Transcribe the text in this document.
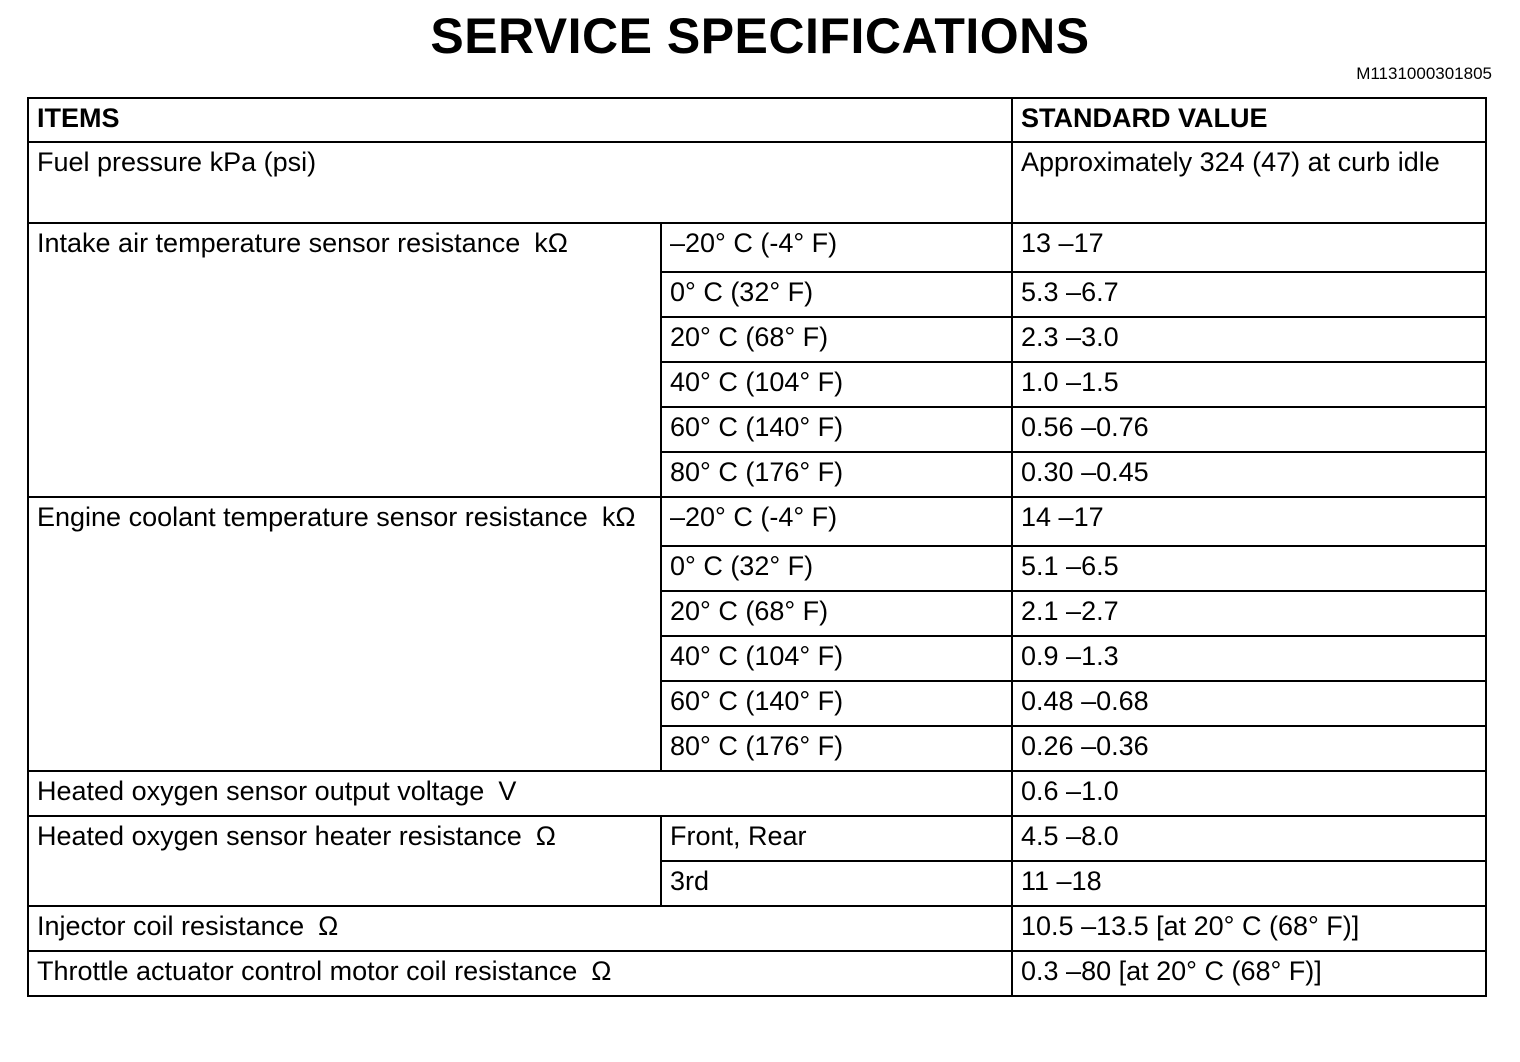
SERVICE SPECIFICATIONS
M1131000301805
ITEMS		STANDARD VALUE

Fuel pressure kPa (psi)		Approximately 324 (47) at curb idle

Intake air temperature sensor resistance kΩ	–20° C (-4° F)	13 –17

	0° C (32° F)	5.3 –6.7

	20° C (68° F)	2.3 –3.0

	40° C (104° F)	1.0 –1.5

	60° C (140° F)	0.56 –0.76

	80° C (176° F)	0.30 –0.45

Engine coolant temperature sensor resistance kΩ	–20° C (-4° F)	14 –17

	0° C (32° F)	5.1 –6.5

	20° C (68° F)	2.1 –2.7

	40° C (104° F)	0.9 –1.3

	60° C (140° F)	0.48 –0.68

	80° C (176° F)	0.26 –0.36

Heated oxygen sensor output voltage V		0.6 –1.0

Heated oxygen sensor heater resistance Ω	Front, Rear	4.5 –8.0

	3rd	11 –18

Injector coil resistance Ω		10.5 –13.5 [at 20° C (68° F)]

Throttle actuator control motor coil resistance Ω		0.3 –80 [at 20° C (68° F)]
